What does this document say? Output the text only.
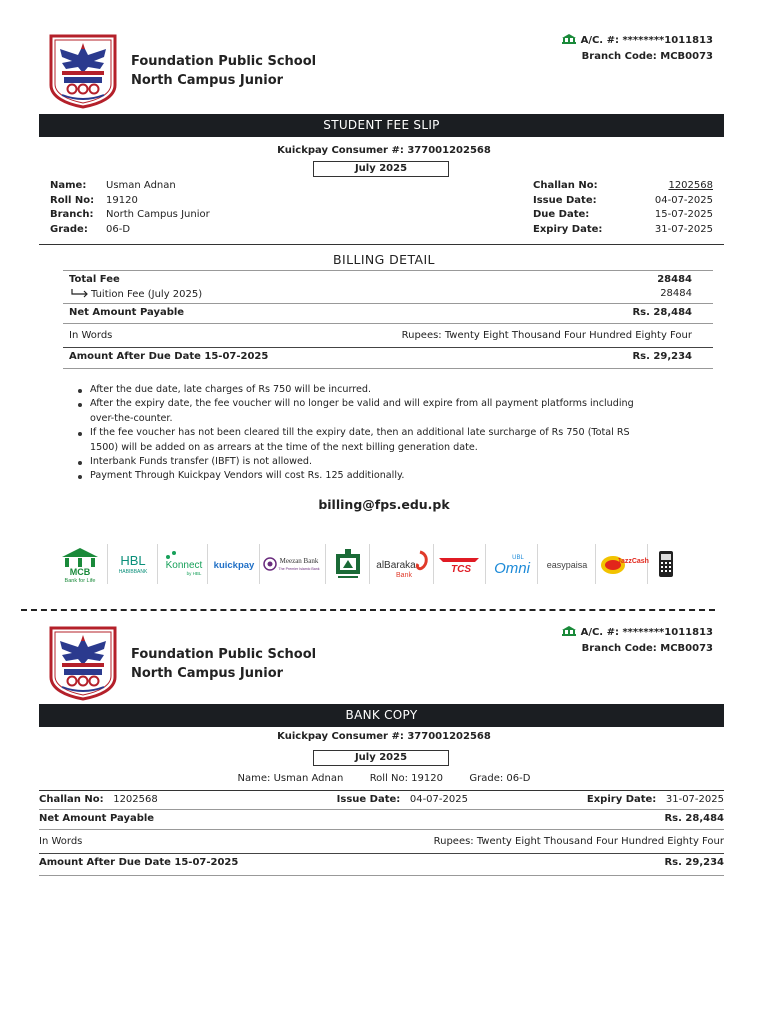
Foundation Public School
North Campus Junior
A/C. #: ********1011813
Branch Code: MCB0073
STUDENT FEE SLIP
Kuickpay Consumer #: 377001202568
July 2025
Name:	Usman Adnan
Roll No:	19120
Branch:	North Campus Junior
Grade:	06-D
Challan No:	1202568
Issue Date:	04-07-2025
Due Date:	15-07-2025
Expiry Date:	31-07-2025
BILLING DETAIL
Total Fee	28484
Tuition Fee (July 2025)	28484
Net Amount Payable	Rs. 28,484
In Words	Rupees: Twenty Eight Thousand Four Hundred Eighty Four
Amount After Due Date 15-07-2025	Rs. 29,234
After the due date, late charges of Rs 750 will be incurred.
After the expiry date, the fee voucher will no longer be valid and will expire from all payment platforms including over-the-counter.
If the fee voucher has not been cleared till the expiry date, then an additional late surcharge of Rs 750 (Total RS 1500) will be added on as arrears at the time of the next billing generation date.
Interbank Funds transfer (IBFT) is not allowed.
Payment Through Kuickpay Vendors will cost Rs. 125 additionally.
billing@fps.edu.pk
MCB
Bank for Life
HBL
HABIBBANK
Konnect
by HBL
kuickpay	Meezan Bank
The Premier Islamic Bank	alBaraka
Bank
TCS
UBL
Omni easypaisa	JazzCash
Foundation Public School
North Campus Junior
A/C. #: ********1011813
Branch Code: MCB0073
BANK COPY
Kuickpay Consumer #: 377001202568
July 2025
Name: Usman Adnan	Roll No: 19120	Grade: 06-D
Challan No: 1202568	Issue Date: 04-07-2025	Expiry Date: 31-07-2025
Net Amount Payable	Rs. 28,484
In Words	Rupees: Twenty Eight Thousand Four Hundred Eighty Four
Amount After Due Date 15-07-2025	Rs. 29,234
